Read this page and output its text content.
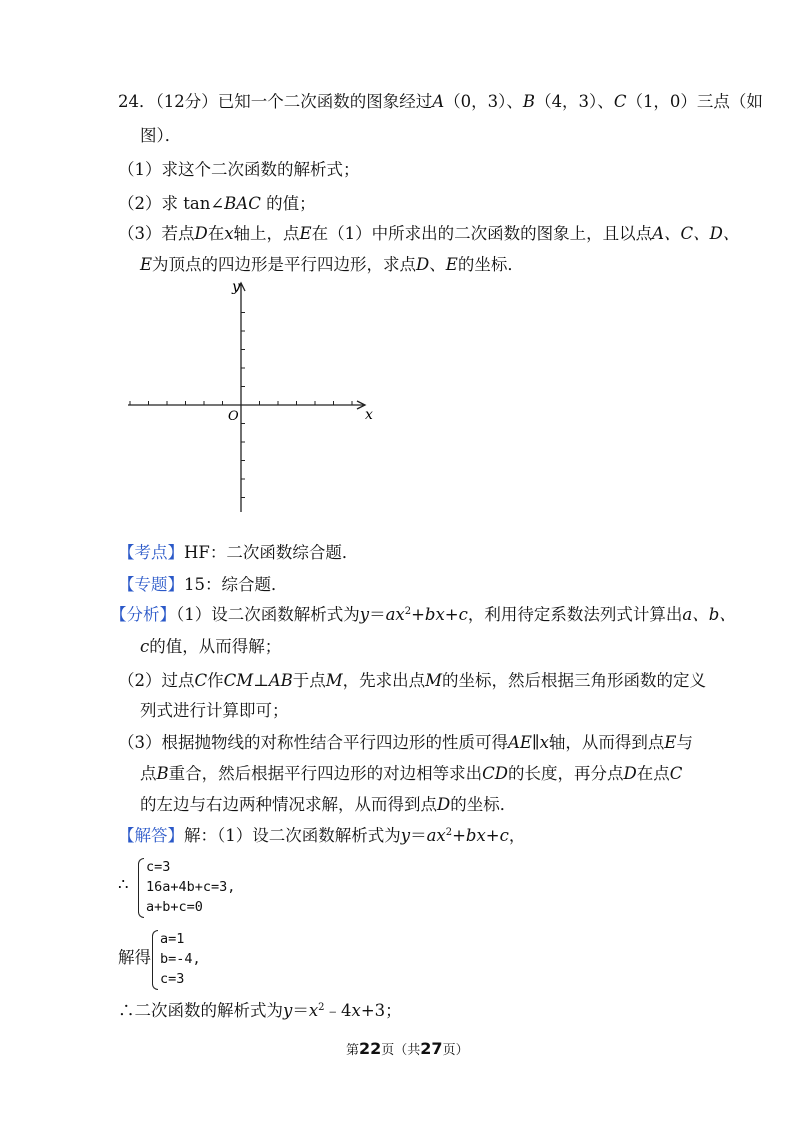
24．（12分）已知一个二次函数的图象经过A（0，3）、B（4，3）、C（1，0）三点（如
图）．
（1）求这个二次函数的解析式；
（2）求 tan∠BAC 的值；
（3）若点D在x轴上，点E在（1）中所求出的二次函数的图象上，且以点A、C、D、
E为顶点的四边形是平行四边形，求点D、E的坐标．
y
x
O
【考点】HF：二次函数综合题．
【专题】15：综合题．
【分析】（1）设二次函数解析式为$y=ax^2+bx+c$，利用待定系数法列式计算出a、b、
c的值，从而得解；
（2）过点C作CM⊥AB于点M，先求出点M的坐标，然后根据三角形函数的定义
列式进行计算即可；
（3）根据抛物线的对称性结合平行四边形的性质可得AE∥x轴，从而得到点E与
点B重合，然后根据平行四边形的对边相等求出CD的长度，再分点D在点C
的左边与右边两种情况求解，从而得到点D的坐标．
【解答】解：（1）设二次函数解析式为$y=ax^2+bx+c$，
∴
c=3
16a+4b+c=3,
a+b+c=0
解得
a=1
b=-4,
c=3
∴二次函数的解析式为$y=x^2﹣4x+3$；
第22页（共27页）
